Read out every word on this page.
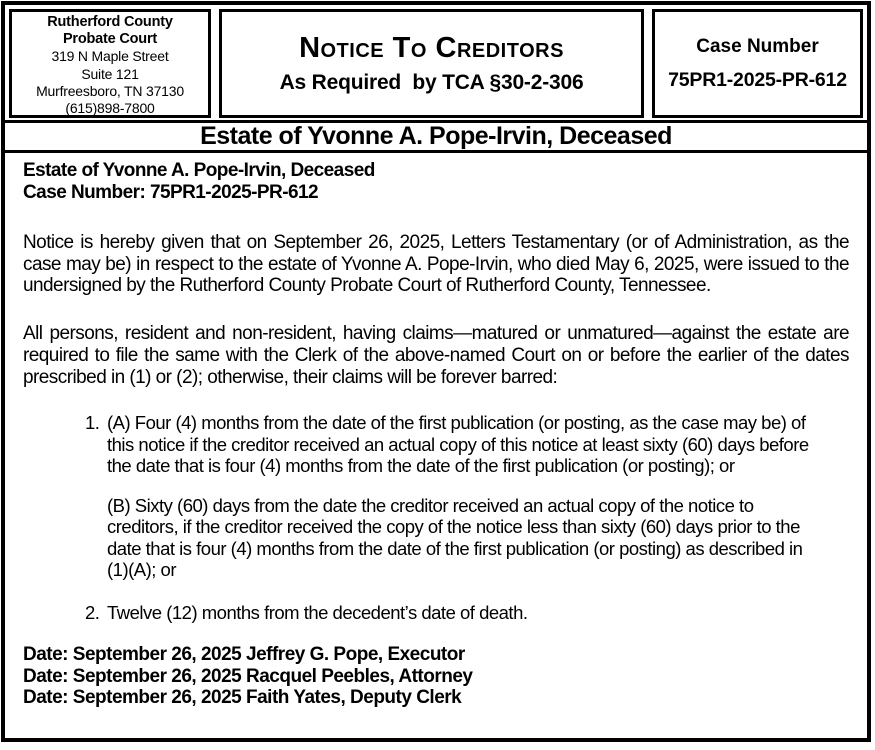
Rutherford County
Probate Court
319 N Maple Street
Suite 121
Murfreesboro, TN 37130
(615)898-7800
Notice To Creditors
As Required  by TCA §30-2-306
Case Number
75PR1-2025-PR-612
Estate of Yvonne A. Pope-Irvin, Deceased
Estate of Yvonne A. Pope-Irvin, Deceased
Case Number: 75PR1-2025-PR-612

Notice is hereby given that on September 26, 2025, Letters Testamentary (or of Administration, as the case may be) in respect to the estate of Yvonne A. Pope-Irvin, who died May 6, 2025, were issued to the undersigned by the Rutherford County Probate Court of Rutherford County, Tennessee.

All persons, resident and non-resident, having claims—matured or unmatured—against the estate are required to file the same with the Clerk of the above-named Court on or before the earlier of the dates prescribed in (1) or (2); otherwise, their claims will be forever barred:

1. (A) Four (4) months from the date of the first publication (or posting, as the case may be) of this notice if the creditor received an actual copy of this notice at least sixty (60) days before the date that is four (4) months from the date of the first publication (or posting); or
(B) Sixty (60) days from the date the creditor received an actual copy of the notice to creditors, if the creditor received the copy of the notice less than sixty (60) days prior to the date that is four (4) months from the date of the first publication (or posting) as described in (1)(A); or
2. Twelve (12) months from the decedent’s date of death.
Date: September 26, 2025 Jeffrey G. Pope, Executor
Date: September 26, 2025 Racquel Peebles, Attorney
Date: September 26, 2025 Faith Yates, Deputy Clerk
